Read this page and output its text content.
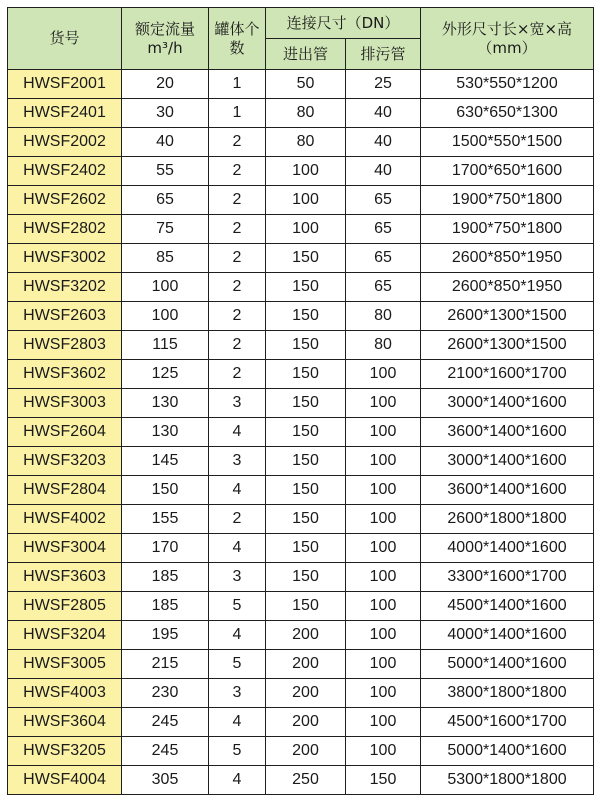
货号	额定流量m³/h	罐体个数	连接尺寸（DN）		外形尺寸长×宽×高（mm）
			进出管	排污管	
HWSF2001	20	1	50	25	530*550*1200
HWSF2401	30	1	80	40	630*650*1300
HWSF2002	40	2	80	40	1500*550*1500
HWSF2402	55	2	100	40	1700*650*1600
HWSF2602	65	2	100	65	1900*750*1800
HWSF2802	75	2	100	65	1900*750*1800
HWSF3002	85	2	150	65	2600*850*1950
HWSF3202	100	2	150	65	2600*850*1950
HWSF2603	100	2	150	80	2600*1300*1500
HWSF2803	115	2	150	80	2600*1300*1500
HWSF3602	125	2	150	100	2100*1600*1700
HWSF3003	130	3	150	100	3000*1400*1600
HWSF2604	130	4	150	100	3600*1400*1600
HWSF3203	145	3	150	100	3000*1400*1600
HWSF2804	150	4	150	100	3600*1400*1600
HWSF4002	155	2	150	100	2600*1800*1800
HWSF3004	170	4	150	100	4000*1400*1600
HWSF3603	185	3	150	100	3300*1600*1700
HWSF2805	185	5	150	100	4500*1400*1600
HWSF3204	195	4	200	100	4000*1400*1600
HWSF3005	215	5	200	100	5000*1400*1600
HWSF4003	230	3	200	100	3800*1800*1800
HWSF3604	245	4	200	100	4500*1600*1700
HWSF3205	245	5	200	100	5000*1400*1600
HWSF4004	305	4	250	150	5300*1800*1800
